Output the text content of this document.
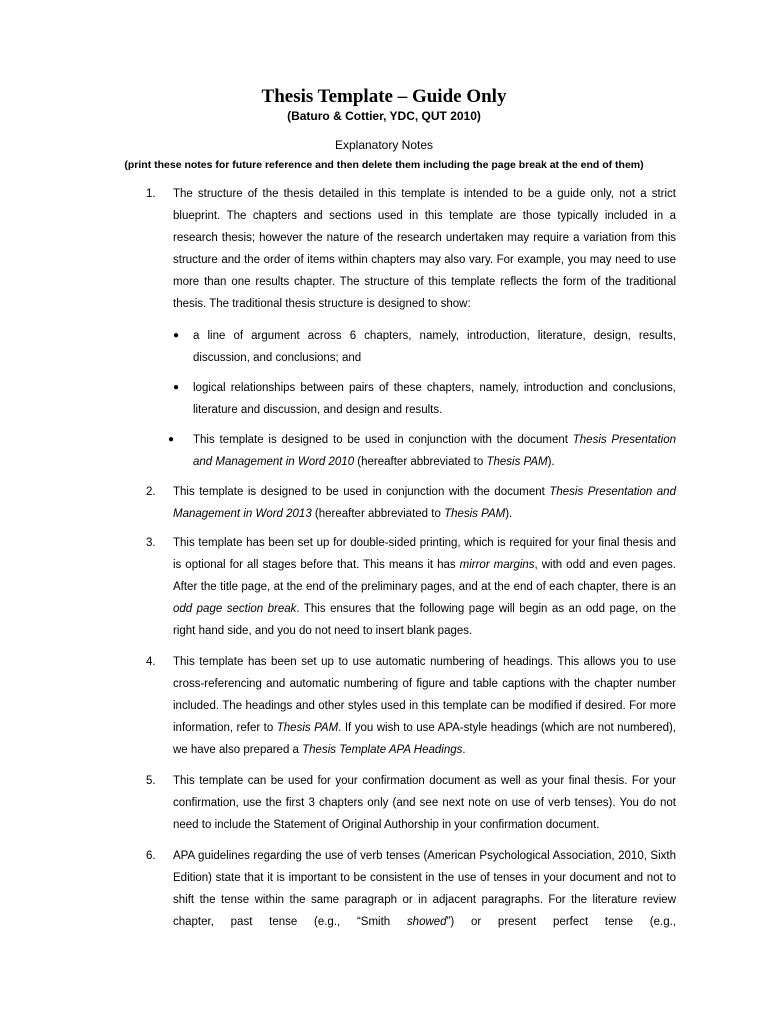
Thesis Template – Guide Only
(Baturo & Cottier, YDC, QUT 2010)
Explanatory Notes
(print these notes for future reference and then delete them including the page break at the end of them)
1. The structure of the thesis detailed in this template is intended to be a guide only, not a strict blueprint. The chapters and sections used in this template are those typically included in a research thesis; however the nature of the research undertaken may require a variation from this structure and the order of items within chapters may also vary. For example, you may need to use more than one results chapter. The structure of this template reflects the form of the traditional thesis. The traditional thesis structure is designed to show:
● a line of argument across 6 chapters, namely, introduction, literature, design, results, discussion, and conclusions; and
● logical relationships between pairs of these chapters, namely, introduction and conclusions, literature and discussion, and design and results.
● This template is designed to be used in conjunction with the document Thesis Presentation and Management in Word 2010 (hereafter abbreviated to Thesis PAM).
2. This template is designed to be used in conjunction with the document Thesis Presentation and Management in Word 2013 (hereafter abbreviated to Thesis PAM).
3. This template has been set up for double-sided printing, which is required for your final thesis and is optional for all stages before that. This means it has mirror margins, with odd and even pages. After the title page, at the end of the preliminary pages, and at the end of each chapter, there is an odd page section break. This ensures that the following page will begin as an odd page, on the right hand side, and you do not need to insert blank pages.
4. This template has been set up to use automatic numbering of headings. This allows you to use cross-referencing and automatic numbering of figure and table captions with the chapter number included. The headings and other styles used in this template can be modified if desired. For more information, refer to Thesis PAM. If you wish to use APA-style headings (which are not numbered), we have also prepared a Thesis Template APA Headings.
5. This template can be used for your confirmation document as well as your final thesis. For your confirmation, use the first 3 chapters only (and see next note on use of verb tenses). You do not need to include the Statement of Original Authorship in your confirmation document.
6. APA guidelines regarding the use of verb tenses (American Psychological Association, 2010, Sixth Edition) state that it is important to be consistent in the use of tenses in your document and not to shift the tense within the same paragraph or in adjacent paragraphs. For the literature review chapter, past tense (e.g., “Smith showed”) or present perfect tense (e.g.,
